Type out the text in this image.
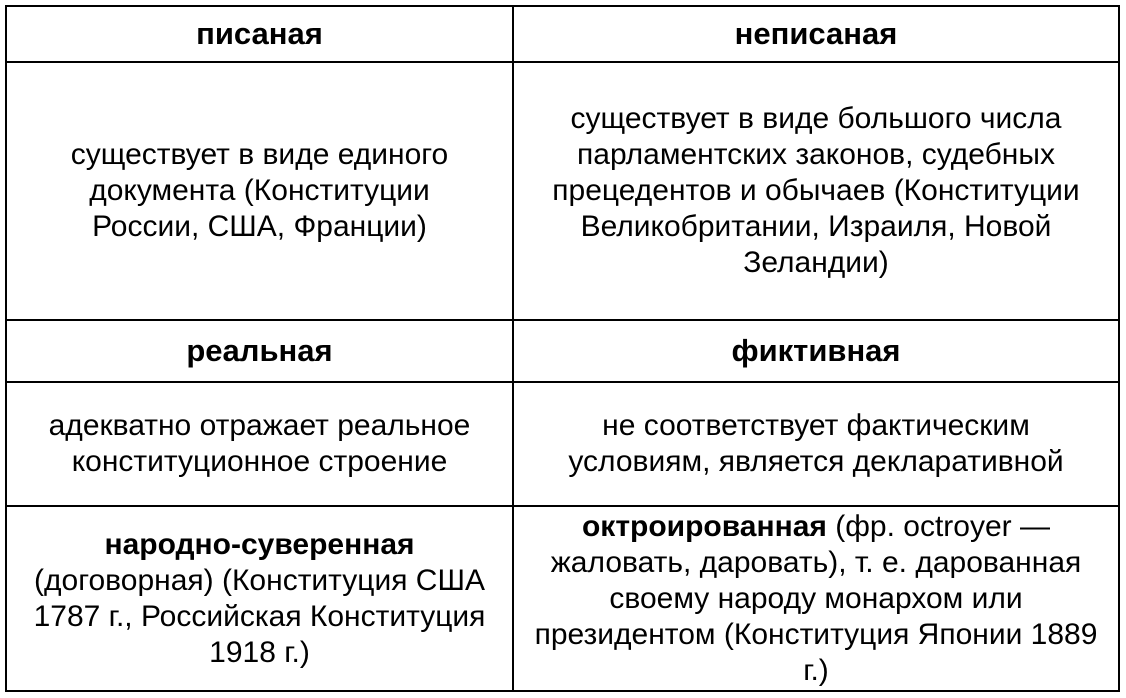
писаная	неписаная
существует в виде единого документа (Конституции России, США, Франции)
существует в виде большого числа парламентских законов, судебных прецедентов и обычаев (Конституции Великобритании, Израиля, Новой Зеландии)
реальная	фиктивная
адекватно отражает реальное конституционное строение
не соответствует фактическим условиям, является декларативной
народно-суверенная
(договорная) (Конституция США 1787 г., Российская Конституция 1918 г.)
октроированная (фр. octroyer — жаловать, даровать), т. е. дарованная своему народу монархом или президентом (Конституция Японии 1889 г.)
